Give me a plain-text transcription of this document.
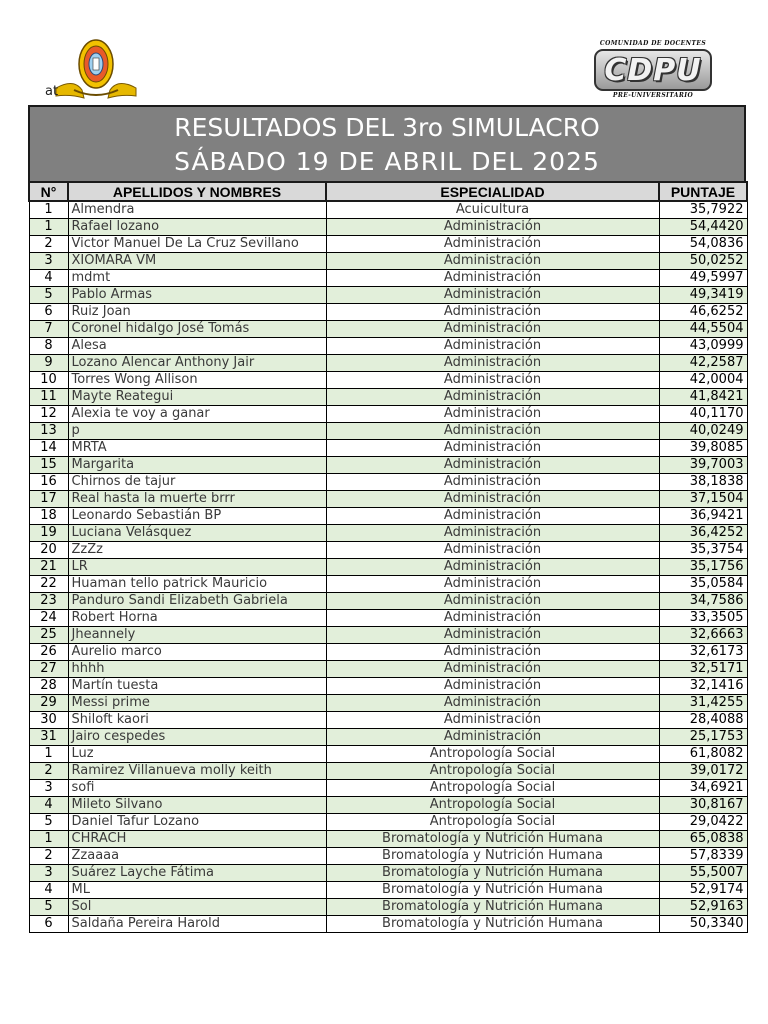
at
COMUNIDAD DE DOCENTES
CDPU
PRE-UNIVERSITARIO
RESULTADOS DEL 3ro SIMULACRO
SÁBADO 19 DE ABRIL DEL 2025
N°	APELLIDOS Y NOMBRES	ESPECIALIDAD	PUNTAJE
1	Almendra	Acuicultura	35,7922
1	Rafael lozano	Administración	54,4420
2	Victor Manuel De La Cruz Sevillano	Administración	54,0836
3	XIOMARA VM	Administración	50,0252
4	mdmt	Administración	49,5997
5	Pablo Armas	Administración	49,3419
6	Ruiz Joan	Administración	46,6252
7	Coronel hidalgo José Tomás	Administración	44,5504
8	Alesa	Administración	43,0999
9	Lozano Alencar Anthony Jair	Administración	42,2587
10	Torres Wong Allison	Administración	42,0004
11	Mayte Reategui	Administración	41,8421
12	Alexia te voy a ganar	Administración	40,1170
13	p	Administración	40,0249
14	MRTA	Administración	39,8085
15	Margarita	Administración	39,7003
16	Chirnos de tajur	Administración	38,1838
17	Real hasta la muerte brrr	Administración	37,1504
18	Leonardo Sebastián BP	Administración	36,9421
19	Luciana Velásquez	Administración	36,4252
20	ZzZz	Administración	35,3754
21	LR	Administración	35,1756
22	Huaman tello patrick Mauricio	Administración	35,0584
23	Panduro Sandi Elizabeth Gabriela	Administración	34,7586
24	Robert Horna	Administración	33,3505
25	Jheannely	Administración	32,6663
26	Aurelio marco	Administración	32,6173
27	hhhh	Administración	32,5171
28	Martín tuesta	Administración	32,1416
29	Messi prime	Administración	31,4255
30	Shiloft kaori	Administración	28,4088
31	Jairo cespedes	Administración	25,1753
1	Luz	Antropología Social	61,8082
2	Ramirez Villanueva molly keith	Antropología Social	39,0172
3	sofi	Antropología Social	34,6921
4	Mileto Silvano	Antropología Social	30,8167
5	Daniel Tafur Lozano	Antropología Social	29,0422
1	CHRACH	Bromatología y Nutrición Humana	65,0838
2	Zzaaaa	Bromatología y Nutrición Humana	57,8339
3	Suárez Layche Fátima	Bromatología y Nutrición Humana	55,5007
4	ML	Bromatología y Nutrición Humana	52,9174
5	Sol	Bromatología y Nutrición Humana	52,9163
6	Saldaña Pereira Harold	Bromatología y Nutrición Humana	50,3340
